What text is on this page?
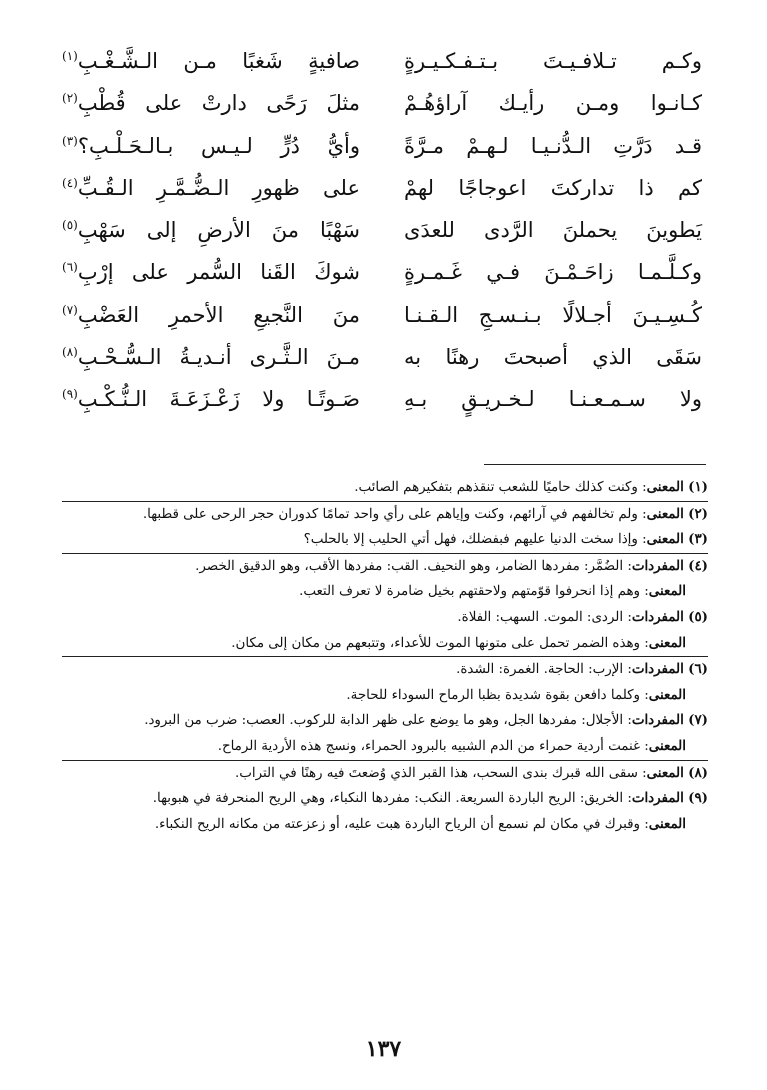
وكـم تـلافـيـتَ بـتـفـكـيـرةٍ
صافيةٍ شَغبًا مـن الـشَّـغْـبِ$^{(١)}$
كـانـوا ومـن رأيـك آراؤهُـمْ
مثلَ رَحًى دارتْ على قُطْبِ$^{(٢)}$
قـد دَرَّتِ الـدُّنـيـا لـهـمْ مـرَّةً
وأيُّ دُرٍّ لـيـس بـالـحَـلْـبِ؟$^{(٣)}$
كم ذا تداركتَ اعوجاجًا لهمْ
على ظهورِ الـضُّـمَّـرِ الـقُـبِّ$^{(٤)}$
يَطوينَ يحملنَ الرَّدى للعدَى
سَهْبًا منَ الأرضِ إلى سَهْبِ$^{(٥)}$
وكـلَّـمـا زاحَـمْـنَ فـي غَـمـرةٍ
شوكَ القَنا السُّمر على إرْبِ$^{(٦)}$
كُـسِـيـنَ أجـلالًا بـنـسـجِ الـقـنـا
منَ النَّجيعِ الأحمرِ العَضْبِ$^{(٧)}$
سَقَى الذي أصبحتَ رهنًا به
مـنَ الـثَّـرى أنـديـةُ الـسُّـحْـبِ$^{(٨)}$
ولا سـمـعـنـا لـخـريـقٍ بـهِ
صَـوتًـا ولا زَعْـزَعَـةَ الـنُّـكْـبِ$^{(٩)}$
(١) المعنى: وكنت كذلك حاميًا للشعب تنقذهم بتفكيرهم الصائب.
(٢) المعنى: ولم تخالفهم في آرائهم، وكنت وإياهم على رأي واحد تمامًا كدوران حجر الرحى على قطبها.
(٣) المعنى: وإذا سخت الدنيا عليهم فبفضلك، فهل أتي الحليب إلا بالحلب؟
(٤) المفردات: الضُمَّر: مفردها الضامر، وهو النحيف. القب: مفردها الأقب، وهو الدقيق الخصر.
المعنى: وهم إذا انحرفوا قوّمتهم ولاحقتهم بخيل ضامرة لا تعرف التعب.
(٥) المفردات: الردى: الموت. السهب: الفلاة.
المعنى: وهذه الضمر تحمل على متونها الموت للأعداء، وتتبعهم من مكان إلى مكان.
(٦) المفردات: الإرب: الحاجة. الغمرة: الشدة.
المعنى: وكلما دافعن بقوة شديدة بظبا الرماح السوداء للحاجة.
(٧) المفردات: الأجلال: مفردها الجل، وهو ما يوضع على ظهر الدابة للركوب. العصب: ضرب من البرود.
المعنى: غنمت أردية حمراء من الدم الشبيه بالبرود الحمراء، ونسج هذه الأردية الرماح.
(٨) المعنى: سقى الله قبرك بندى السحب، هذا القبر الذي وُضعتَ فيه رهنًا في التراب.
(٩) المفردات: الخريق: الريح الباردة السريعة. النكب: مفردها النكباء، وهي الريح المنحرفة في هبوبها.
المعنى: وقبرك في مكان لم نسمع أن الرياح الباردة هبت عليه، أو زعزعته من مكانه الريح النكباء.
١٣٧
